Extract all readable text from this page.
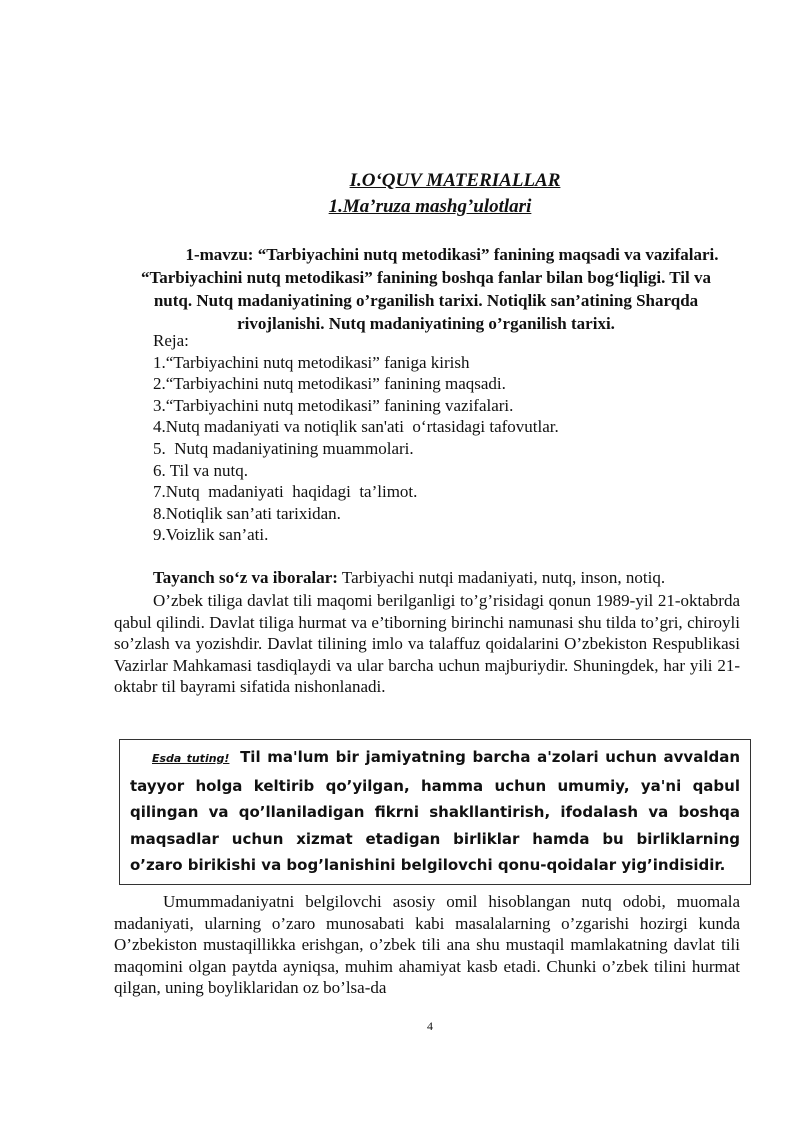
I.O‘QUV MATERIALLAR
1.Ma’ruza mashg’ulotlari

1-mavzu: “Tarbiyachini nutq metodikasi” fanining maqsadi va vazifalari. “Tarbiyachini nutq metodikasi” fanining boshqa fanlar bilan bog‘liqligi. Til va nutq. Nutq madaniyatining o’rganilish tarixi. Notiqlik san’atining Sharqda rivojlanishi. Nutq madaniyatining o’rganilish tarixi.

Reja:
1.“Tarbiyachini nutq metodikasi” faniga kirish
2.“Tarbiyachini nutq metodikasi” fanining maqsadi.
3.“Tarbiyachini nutq metodikasi” fanining vazifalari.
4.Nutq madaniyati va notiqlik san'ati  o‘rtasidagi tafovutlar.
5.  Nutq madaniyatining muammolari.
6. Til va nutq.
7.Nutq  madaniyati  haqidagi  ta’limot.
8.Notiqlik san’ati tarixidan.
9.Voizlik san’ati.

Tayanch so‘z va iboralar: Tarbiyachi nutqi madaniyati, nutq, inson, notiq.

O’zbek tiliga davlat tili maqomi berilganligi to’g’risidagi qonun 1989-yil 21-oktabrda qabul qilindi. Davlat tiliga hurmat va e’tiborning birinchi namunasi shu tilda to’gri, chiroyli so’zlash va yozishdir. Davlat tilining imlo va talaffuz qoidalarini O’zbekiston Respublikasi Vazirlar Mahkamasi tasdiqlaydi va ular barcha uchun majburiydir. Shuningdek, har yili 21-oktabr til bayrami sifatida nishonlanadi.

Esda tuting! Til ma'lum bir jamiyatning barcha a'zolari uchun avvaldan tayyor holga keltirib qo’yilgan, hamma uchun umumiy, ya'ni qabul qilingan va qo’llaniladigan fikrni shakllantirish, ifodalash va boshqa maqsadlar uchun xizmat etadigan birliklar hamda bu birliklarning o’zaro birikishi va bog’lanishini belgilovchi qonu-qoidalar yig’indisidir.

Umummadaniyatni belgilovchi asosiy omil hisoblangan nutq odobi, muomala madaniyati, ularning o’zaro munosabati kabi masalalarning o’zgarishi hozirgi kunda O’zbekiston mustaqillikka erishgan, o’zbek tili ana shu mustaqil mamlakatning davlat tili maqomini olgan paytda ayniqsa, muhim ahamiyat kasb etadi. Chunki o’zbek tilini hurmat qilgan, uning boyliklaridan oz bo’lsa-da

4
